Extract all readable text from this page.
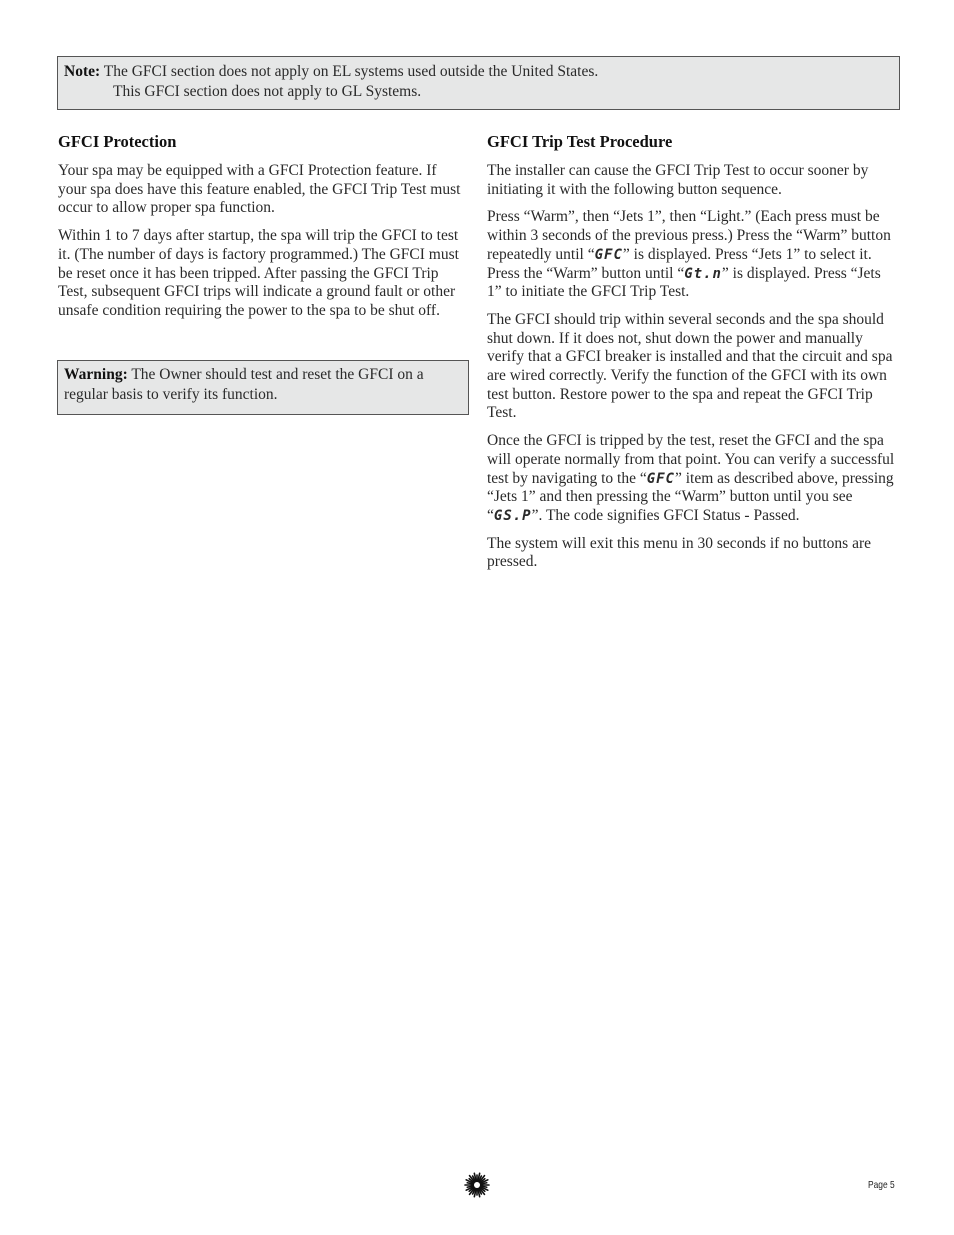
Note: The GFCI section does not apply on EL systems used outside the United States.
This GFCI section does not apply to GL Systems.
GFCI Protection

Your spa may be equipped with a GFCI Protection feature. If your spa does have this feature enabled, the GFCI Trip Test must occur to allow proper spa function.

Within 1 to 7 days after startup, the spa will trip the GFCI to test it. (The number of days is factory programmed.) The GFCI must be reset once it has been tripped. After passing the GFCI Trip Test, subsequent GFCI trips will indicate a ground fault or other unsafe condition requiring the power to the spa to be shut off.

Warning: The Owner should test and reset the GFCI on a regular basis to verify its function.
GFCI Trip Test Procedure

The installer can cause the GFCI Trip Test to occur sooner by initiating it with the following button sequence.

Press “Warm”, then “Jets 1”, then “Light.” (Each press must be within 3 seconds of the previous press.) Press the “Warm” button repeatedly until “GFC” is displayed. Press “Jets 1” to select it. Press the “Warm” button until “Gt.n” is displayed. Press “Jets 1” to initiate the GFCI Trip Test.

The GFCI should trip within several seconds and the spa should shut down. If it does not, shut down the power and manually verify that a GFCI breaker is installed and that the circuit and spa are wired correctly. Verify the function of the GFCI with its own test button. Restore power to the spa and repeat the GFCI Trip Test.

Once the GFCI is tripped by the test, reset the GFCI and the spa will operate normally from that point. You can verify a successful test by navigating to the “GFC” item as described above, pressing “Jets 1” and then pressing the “Warm” button until you see “GS.P”. The code signifies GFCI Status - Passed.

The system will exit this menu in 30 seconds if no buttons are pressed.

Page 5
